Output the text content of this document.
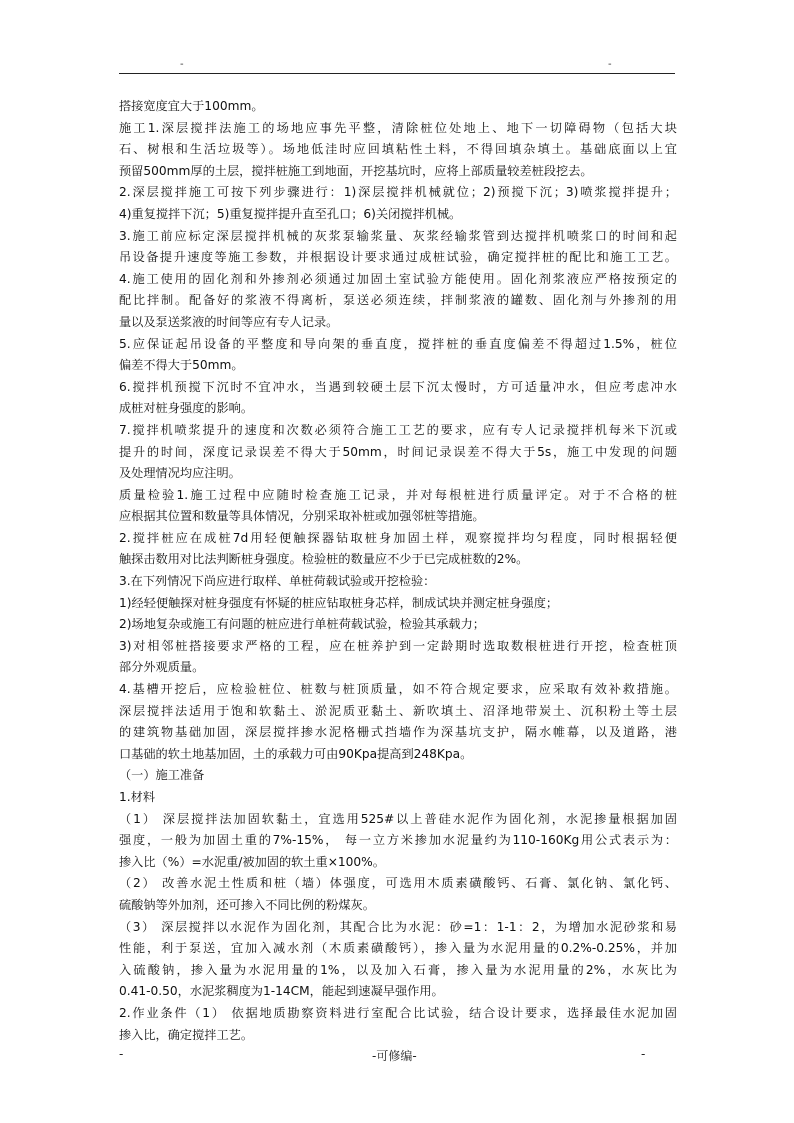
-	-
搭接宽度宜大于100mm。
施工1.深层搅拌法施工的场地应事先平整，清除桩位处地上、地下一切障碍物（包括大块
石、树根和生活垃圾等）。场地低洼时应回填粘性土料，不得回填杂填土。基础底面以上宜
预留500mm厚的土层，搅拌桩施工到地面，开挖基坑时，应将上部质量较差桩段挖去。
2.深层搅拌施工可按下列步骤进行：1)深层搅拌机械就位；2)预搅下沉；3)喷浆搅拌提升；
4)重复搅拌下沉；5)重复搅拌提升直至孔口；6)关闭搅拌机械。
3.施工前应标定深层搅拌机械的灰浆泵输浆量、灰浆经输浆管到达搅拌机喷浆口的时间和起
吊设备提升速度等施工参数，并根据设计要求通过成桩试验，确定搅拌桩的配比和施工工艺。
4.施工使用的固化剂和外掺剂必须通过加固土室试验方能使用。固化剂浆液应严格按预定的
配比拌制。配备好的浆液不得离析，泵送必须连续，拌制浆液的罐数、固化剂与外掺剂的用
量以及泵送浆液的时间等应有专人记录。
5.应保证起吊设备的平整度和导向架的垂直度，搅拌桩的垂直度偏差不得超过1.5%，桩位
偏差不得大于50mm。
6.搅拌机预搅下沉时不宜冲水，当遇到较硬土层下沉太慢时，方可适量冲水，但应考虑冲水
成桩对桩身强度的影响。
7.搅拌机喷浆提升的速度和次数必须符合施工工艺的要求，应有专人记录搅拌机每米下沉或
提升的时间，深度记录误差不得大于50mm，时间记录误差不得大于5s，施工中发现的问题
及处理情况均应注明。
质量检验1.施工过程中应随时检查施工记录，并对每根桩进行质量评定。对于不合格的桩
应根据其位置和数量等具体情况，分别采取补桩或加强邻桩等措施。
2.搅拌桩应在成桩7d用轻便触探器钻取桩身加固土样，观察搅拌均匀程度，同时根据轻便
触探击数用对比法判断桩身强度。检验桩的数量应不少于已完成桩数的2%。
3.在下列情况下尚应进行取样、单桩荷载试验或开挖检验：
1)经轻便触探对桩身强度有怀疑的桩应钻取桩身芯样，制成试块并测定桩身强度；
2)场地复杂或施工有问题的桩应进行单桩荷载试验，检验其承载力；
3)对相邻桩搭接要求严格的工程，应在桩养护到一定龄期时选取数根桩进行开挖，检查桩顶
部分外观质量。
4.基槽开挖后，应检验桩位、桩数与桩顶质量，如不符合规定要求，应采取有效补救措施。
深层搅拌法适用于饱和软黏土、淤泥质亚黏土、新吹填土、沼泽地带炭土、沉积粉土等土层
的建筑物基础加固，深层搅拌掺水泥格栅式挡墙作为深基坑支护，隔水帷幕，以及道路，港
口基础的软土地基加固，土的承载力可由90Kpa提高到248Kpa。
（一）施工准备
1.材料
（1） 深层搅拌法加固软黏土，宜选用525#以上普硅水泥作为固化剂，水泥掺量根据加固
强度，一般为加固土重的7%-15%， 每一立方米掺加水泥量约为110-160Kg用公式表示为：
掺入比（%）=水泥重/被加固的软土重×100%。
（2） 改善水泥土性质和桩（墙）体强度，可选用木质素磺酸钙、石膏、氯化钠、氯化钙、
硫酸钠等外加剂，还可掺入不同比例的粉煤灰。
（3） 深层搅拌以水泥作为固化剂，其配合比为水泥：砂=1：1-1：2，为增加水泥砂浆和易
性能，利于泵送，宜加入减水剂（木质素磺酸钙），掺入量为水泥用量的0.2%-0.25%，并加
入硫酸钠，掺入量为水泥用量的1%，以及加入石膏，掺入量为水泥用量的2%，水灰比为
0.41-0.50，水泥浆稠度为1-14CM，能起到速凝早强作用。
2.作业条件（1） 依据地质勘察资料进行室配合比试验，结合设计要求，选择最佳水泥加固
掺入比，确定搅拌工艺。
-	-可修编-	-
